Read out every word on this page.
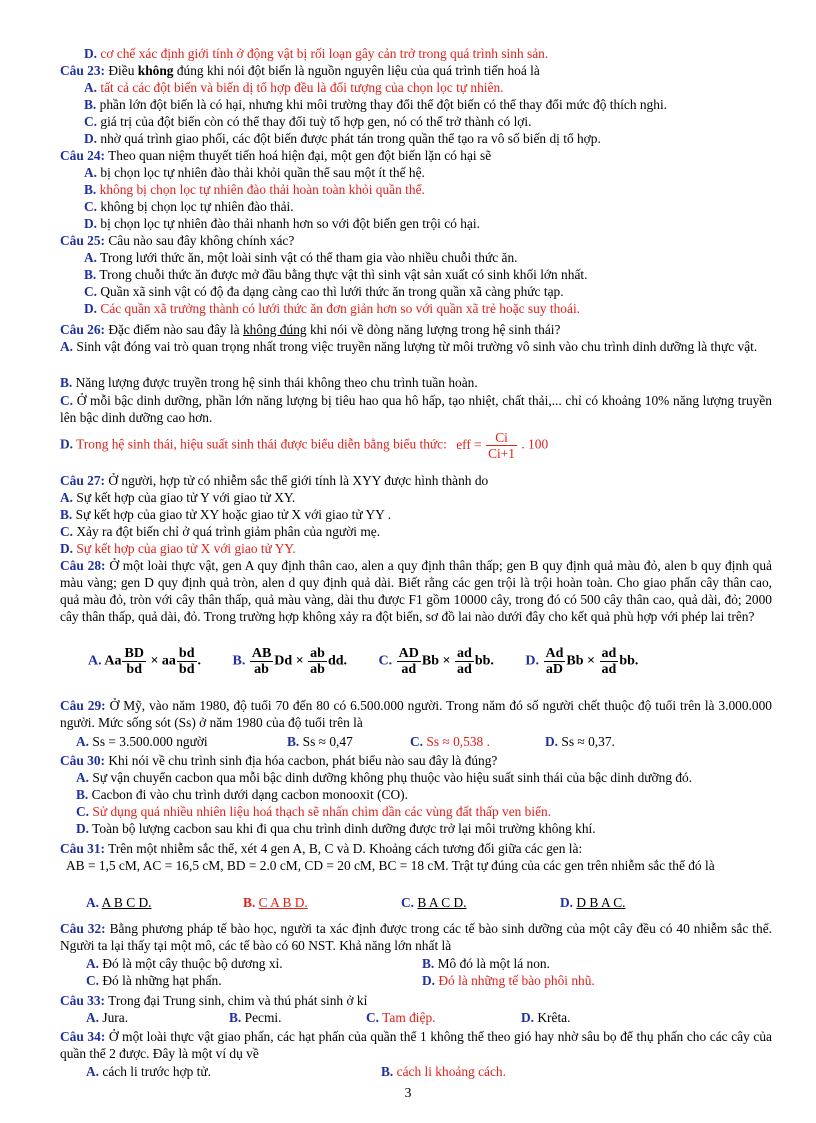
D. cơ chế xác định giới tính ở động vật bị rối loạn gây cản trở trong quá trình sinh sản.
Câu 23: Điều không đúng khi nói đột biến là nguồn nguyên liệu của quá trình tiến hoá là
A. tất cả các đột biến và biến dị tổ hợp đều là đối tượng của chọn lọc tự nhiên.
B. phần lớn đột biến là có hại, nhưng khi môi trường thay đổi thể đột biến có thể thay đổi mức độ thích nghi.
C. giá trị của đột biến còn có thể thay đổi tuỳ tổ hợp gen, nó có thể trở thành có lợi.
D. nhờ quá trình giao phối, các đột biến được phát tán trong quần thể tạo ra vô số biến dị tổ hợp.
Câu 24: Theo quan niệm thuyết tiến hoá hiện đại, một gen đột biến lặn có hại sẽ
A. bị chọn lọc tự nhiên đào thải khỏi quần thể sau một ít thế hệ.
B. không bị chọn lọc tự nhiên đào thải hoàn toàn khỏi quần thể.
C. không bị chọn lọc tự nhiên đào thải.
D. bị chọn lọc tự nhiên đào thải nhanh hơn so với đột biến gen trội có hại.
Câu 25: Câu nào sau đây không chính xác?
A. Trong lưới thức ăn, một loài sinh vật có thể tham gia vào nhiều chuỗi thức ăn.
B. Trong chuỗi thức ăn được mở đầu bằng thực vật thì sinh vật sản xuất có sinh khối lớn nhất.
C. Quần xã sinh vật có độ đa dạng càng cao thì lưới thức ăn trong quần xã càng phức tạp.
D. Các quần xã trưởng thành có lưới thức ăn đơn giản hơn so với quần xã trẻ hoặc suy thoái.
Câu 26: Đặc điểm nào sau đây là không đúng khi nói về dòng năng lượng trong hệ sinh thái?
A. Sinh vật đóng vai trò quan trọng nhất trong việc truyền năng lượng từ môi trường vô sinh vào chu trình dinh dưỡng là thực vật.
B. Năng lượng được truyền trong hệ sinh thái không theo chu trình tuần hoàn.
C. Ở mỗi bậc dinh dưỡng, phần lớn năng lượng bị tiêu hao qua hô hấp, tạo nhiệt, chất thải,... chỉ có khoảng 10% năng lượng truyền lên bậc dinh dưỡng cao hơn.
D. Trong hệ sinh thái, hiệu suất sinh thái được biểu diễn bằng biểu thức: eff = $\frac{Ci}{Ci+1}$ . 100
Câu 27: Ở người, hợp tử có nhiễm sắc thể giới tính là XYY được hình thành do
A. Sự kết hợp của giao tử Y với giao tử XY.
B. Sự kết hợp của giao tử XY hoặc giao tử X với giao tử YY .
C. Xảy ra đột biến chỉ ở quá trình giảm phân của người mẹ.
D. Sự kết hợp của giao tử X với giao tử YY.
Câu 28: Ở một loài thực vật, gen A quy định thân cao, alen a quy định thân thấp; gen B quy định quả màu đỏ, alen b quy định quả màu vàng; gen D quy định quả tròn, alen d quy định quả dài. Biết rằng các gen trội là trội hoàn toàn. Cho giao phấn cây thân cao, quả màu đỏ, tròn với cây thân thấp, quả màu vàng, dài thu được F1 gồm 10000 cây, trong đó có 500 cây thân cao, quả dài, đỏ; 2000 cây thân thấp, quả dài, đỏ. Trong trường hợp không xảy ra đột biến, sơ đồ lai nào dưới đây cho kết quả phù hợp với phép lai trên?
A. Aa $\frac{BD}{bd}$ × aa $\frac{bd}{bd}$ . B. $\frac{AB}{ab}$ $Dd \times \frac{ab}{ab}$ dd. C. $\frac{AD}{ad}$ $Bb \times \frac{ad}{ad}$ bb. D. $\frac{Ad}{aD}$ $Bb \times \frac{ad}{ad}$ bb.
Câu 29: Ở Mỹ, vào năm 1980, độ tuổi 70 đến 80 có 6.500.000 người. Trong năm đó số người chết thuộc độ tuổi trên là 3.000.000 người. Mức sống sót (Ss) ở năm 1980 của độ tuổi trên là
A. Ss = 3.500.000 người	B. Ss ≈ 0,47	C. Ss ≈ 0,538 .	D. Ss ≈ 0,37.
Câu 30: Khi nói về chu trình sinh địa hóa cacbon, phát biểu nào sau đây là đúng?
A. Sự vận chuyển cacbon qua mỗi bậc dinh dưỡng không phụ thuộc vào hiệu suất sinh thái của bậc dinh dưỡng đó.
B. Cacbon đi vào chu trình dưới dạng cacbon monooxit (CO).
C. Sử dụng quá nhiều nhiên liệu hoá thạch sẽ nhấn chìm dần các vùng đất thấp ven biển.
D. Toàn bộ lượng cacbon sau khi đi qua chu trình dinh dưỡng được trở lại môi trường không khí.
Câu 31: Trên một nhiễm sắc thể, xét 4 gen A, B, C và D. Khoảng cách tương đối giữa các gen là:
AB = 1,5 cM, AC = 16,5 cM, BD = 2.0 cM, CD = 20 cM, BC = 18 cM. Trật tự đúng của các gen trên nhiễm sắc thể đó là
A. A B C D.	B. C A B D.	C. B A C D.	D. D B A C.
Câu 32: Bằng phương pháp tế bào học, người ta xác định được trong các tế bào sinh dưỡng của một cây đều có 40 nhiễm sắc thể. Người ta lại thấy tại một mô, các tế bào có 60 NST. Khả năng lớn nhất là
A. Đó là một cây thuộc bộ dương xỉ.	B. Mô đó là một lá non.
C. Đó là những hạt phấn.	D. Đó là những tế bào phôi nhũ.
Câu 33: Trong đại Trung sinh, chim và thú phát sinh ở kỉ
A. Jura.	B. Pecmi.	C. Tam điệp.	D. Krêta.
Câu 34: Ở một loài thực vật giao phấn, các hạt phấn của quần thể 1 không thể theo gió hay nhờ sâu bọ để thụ phấn cho các cây của quần thể 2 được. Đây là một ví dụ về
A. cách li trước hợp tử.	B. cách li khoảng cách.
3
